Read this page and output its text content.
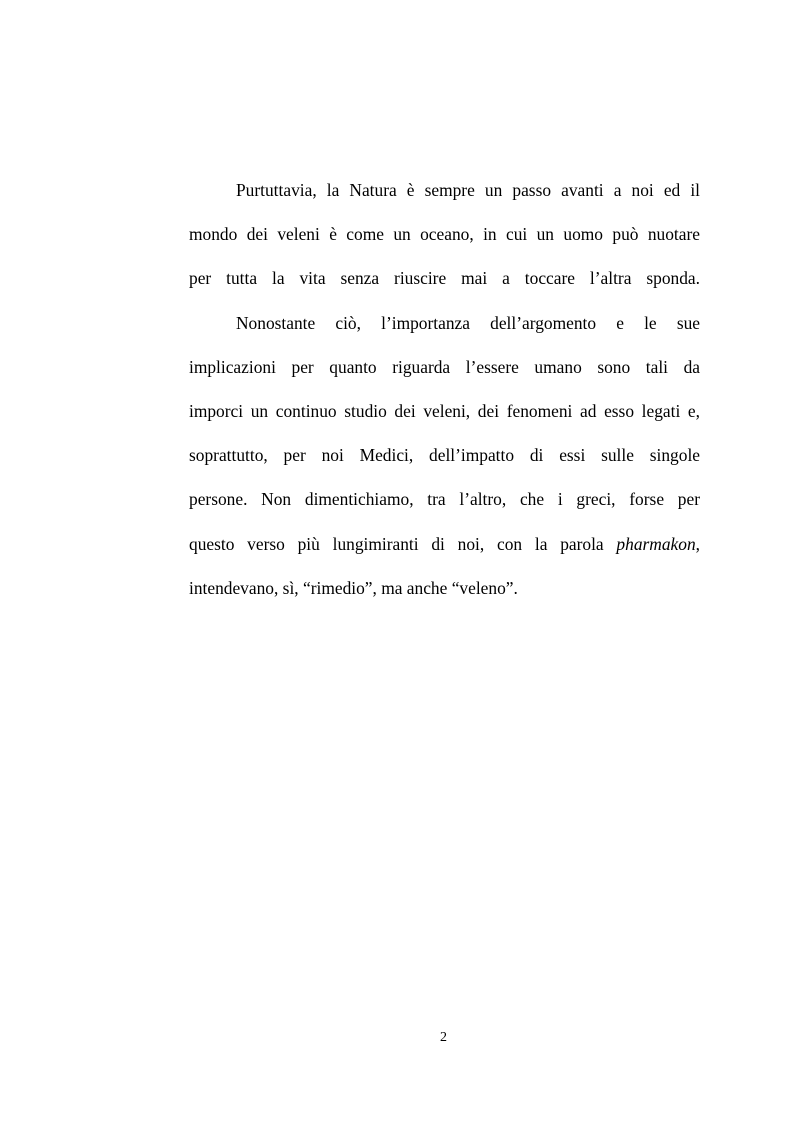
Purtuttavia, la Natura è sempre un passo avanti a noi ed il
mondo dei veleni è come un oceano, in cui un uomo può nuotare
per tutta la vita senza riuscire mai a toccare l’altra sponda.
Nonostante ciò, l’importanza dell’argomento e le sue
implicazioni per quanto riguarda l’essere umano sono tali da
imporci un continuo studio dei veleni, dei fenomeni ad esso legati e,
soprattutto, per noi Medici, dell’impatto di essi sulle singole
persone. Non dimentichiamo, tra l’altro, che i greci, forse per
questo verso più lungimiranti di noi, con la parola pharmakon,
intendevano, sì, “rimedio”, ma anche “veleno”.
2
